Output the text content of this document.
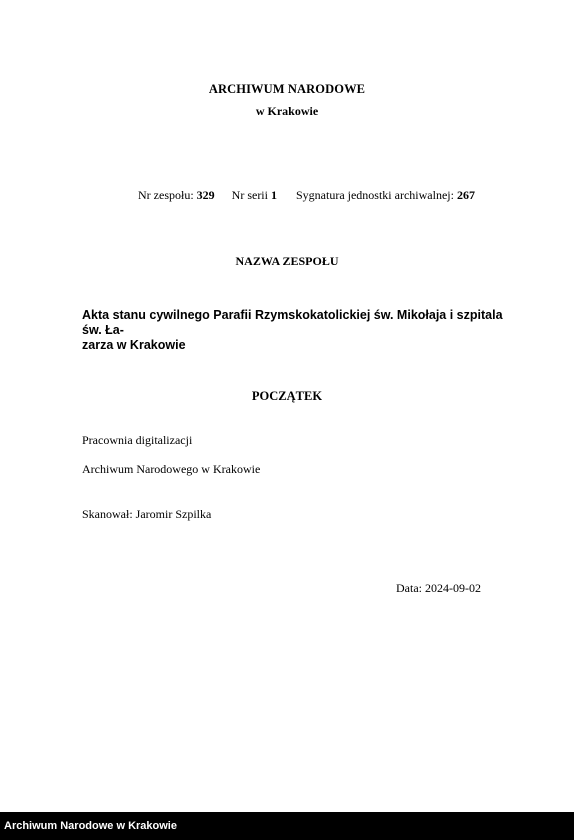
ARCHIWUM NARODOWE
w Krakowie
Nr zespołu: 329 Nr serii 1 Sygnatura jednostki archiwalnej: 267
NAZWA ZESPOŁU
Akta stanu cywilnego Parafii Rzymskokatolickiej św. Mikołaja i szpitala św. Ła-
zarza w Krakowie
POCZĄTEK
Pracownia digitalizacji
Archiwum Narodowego w Krakowie
Skanował: Jaromir Szpilka
Data: 2024-09-02
Archiwum Narodowe w Krakowie
